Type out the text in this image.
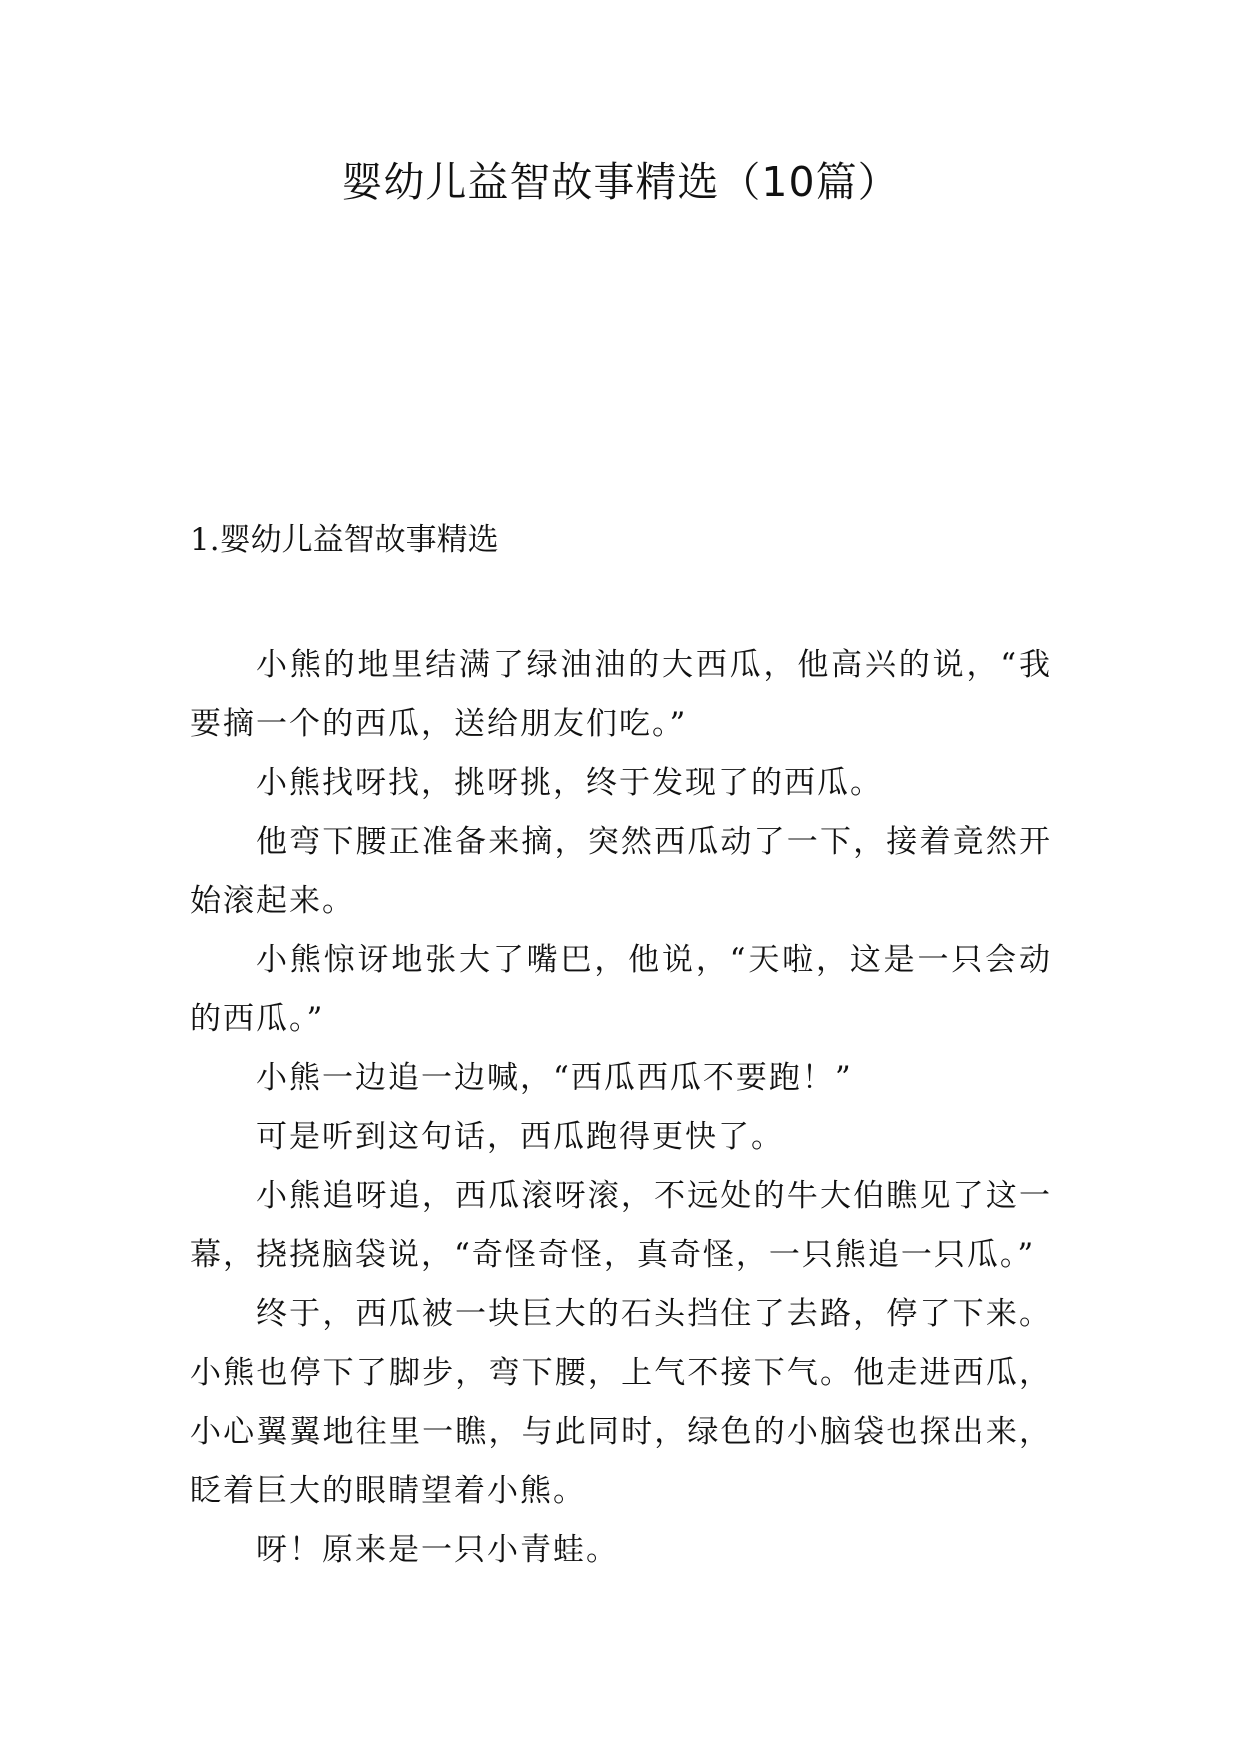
婴幼儿益智故事精选（10篇）
1.婴幼儿益智故事精选

小熊的地里结满了绿油油的大西瓜，他高兴的说，“我要摘一个的西瓜，送给朋友们吃。”

小熊找呀找，挑呀挑，终于发现了的西瓜。

他弯下腰正准备来摘，突然西瓜动了一下，接着竟然开始滚起来。

小熊惊讶地张大了嘴巴，他说，“天啦，这是一只会动的西瓜。”

小熊一边追一边喊，“西瓜西瓜不要跑！”

可是听到这句话，西瓜跑得更快了。

小熊追呀追，西瓜滚呀滚，不远处的牛大伯瞧见了这一幕，挠挠脑袋说，“奇怪奇怪，真奇怪，一只熊追一只瓜。”

终于，西瓜被一块巨大的石头挡住了去路，停了下来。小熊也停下了脚步，弯下腰，上气不接下气。他走进西瓜，小心翼翼地往里一瞧，与此同时，绿色的小脑袋也探出来，眨着巨大的眼睛望着小熊。

呀！原来是一只小青蛙。
